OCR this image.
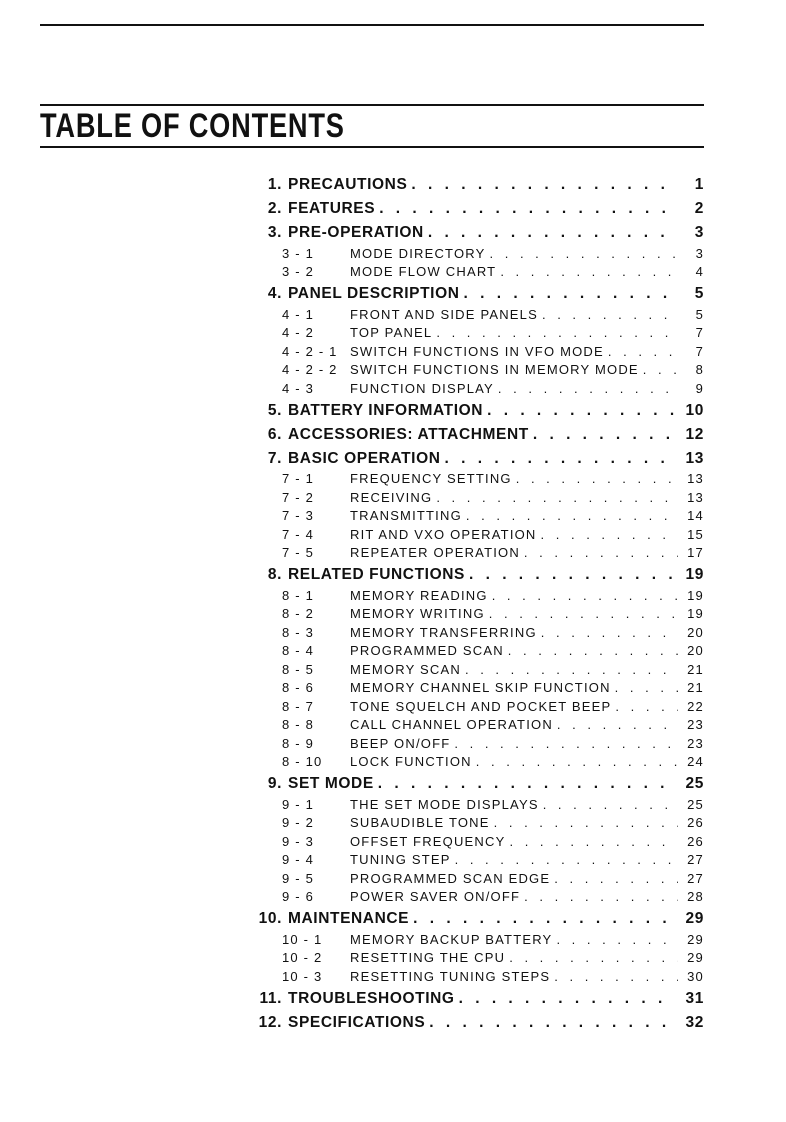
TABLE OF CONTENTS
1. PRECAUTIONS . . .	1
2. FEATURES . . .	2
3. PRE-OPERATION . . .	3
3 - 1	MODE DIRECTORY . . .	3
3 - 2	MODE FLOW CHART . . .	4
4. PANEL DESCRIPTION . . .	5
4 - 1	FRONT AND SIDE PANELS . . .	5
4 - 2	TOP PANEL . . .	7
4 - 2 - 1 SWITCH FUNCTIONS IN VFO MODE . . .	7
4 - 2 - 2 SWITCH FUNCTIONS IN MEMORY MODE . . .	8
4 - 3	FUNCTION DISPLAY . . .	9
5. BATTERY INFORMATION . . .	10
6. ACCESSORIES: ATTACHMENT . . .	12
7. BASIC OPERATION . . .	13
7 - 1	FREQUENCY SETTING . . .	13
7 - 2	RECEIVING . . .	13
7 - 3	TRANSMITTING . . .	14
7 - 4	RIT AND VXO OPERATION . . .	15
7 - 5	REPEATER OPERATION . . .	17
8. RELATED FUNCTIONS . . .	19
8 - 1	MEMORY READING . . .	19
8 - 2	MEMORY WRITING . . .	19
8 - 3	MEMORY TRANSFERRING . . .	20
8 - 4	PROGRAMMED SCAN . . .	20
8 - 5	MEMORY SCAN . . .	21
8 - 6	MEMORY CHANNEL SKIP FUNCTION . . .	21
8 - 7	TONE SQUELCH AND POCKET BEEP . . .	22
8 - 8	CALL CHANNEL OPERATION . . .	23
8 - 9	BEEP ON/OFF . . .	23
8 - 10	LOCK FUNCTION . . .	24
9. SET MODE . . .	25
9 - 1	THE SET MODE DISPLAYS . . .	25
9 - 2	SUBAUDIBLE TONE . . .	26
9 - 3	OFFSET FREQUENCY . . .	26
9 - 4	TUNING STEP . . .	27
9 - 5	PROGRAMMED SCAN EDGE . . .	27
9 - 6	POWER SAVER ON/OFF . . .	28
10. MAINTENANCE . . .	29
10 - 1	MEMORY BACKUP BATTERY . . .	29
10 - 2	RESETTING THE CPU . . .	29
10 - 3	RESETTING TUNING STEPS . . .	30
11. TROUBLESHOOTING . . .	31
12. SPECIFICATIONS . . .	32
